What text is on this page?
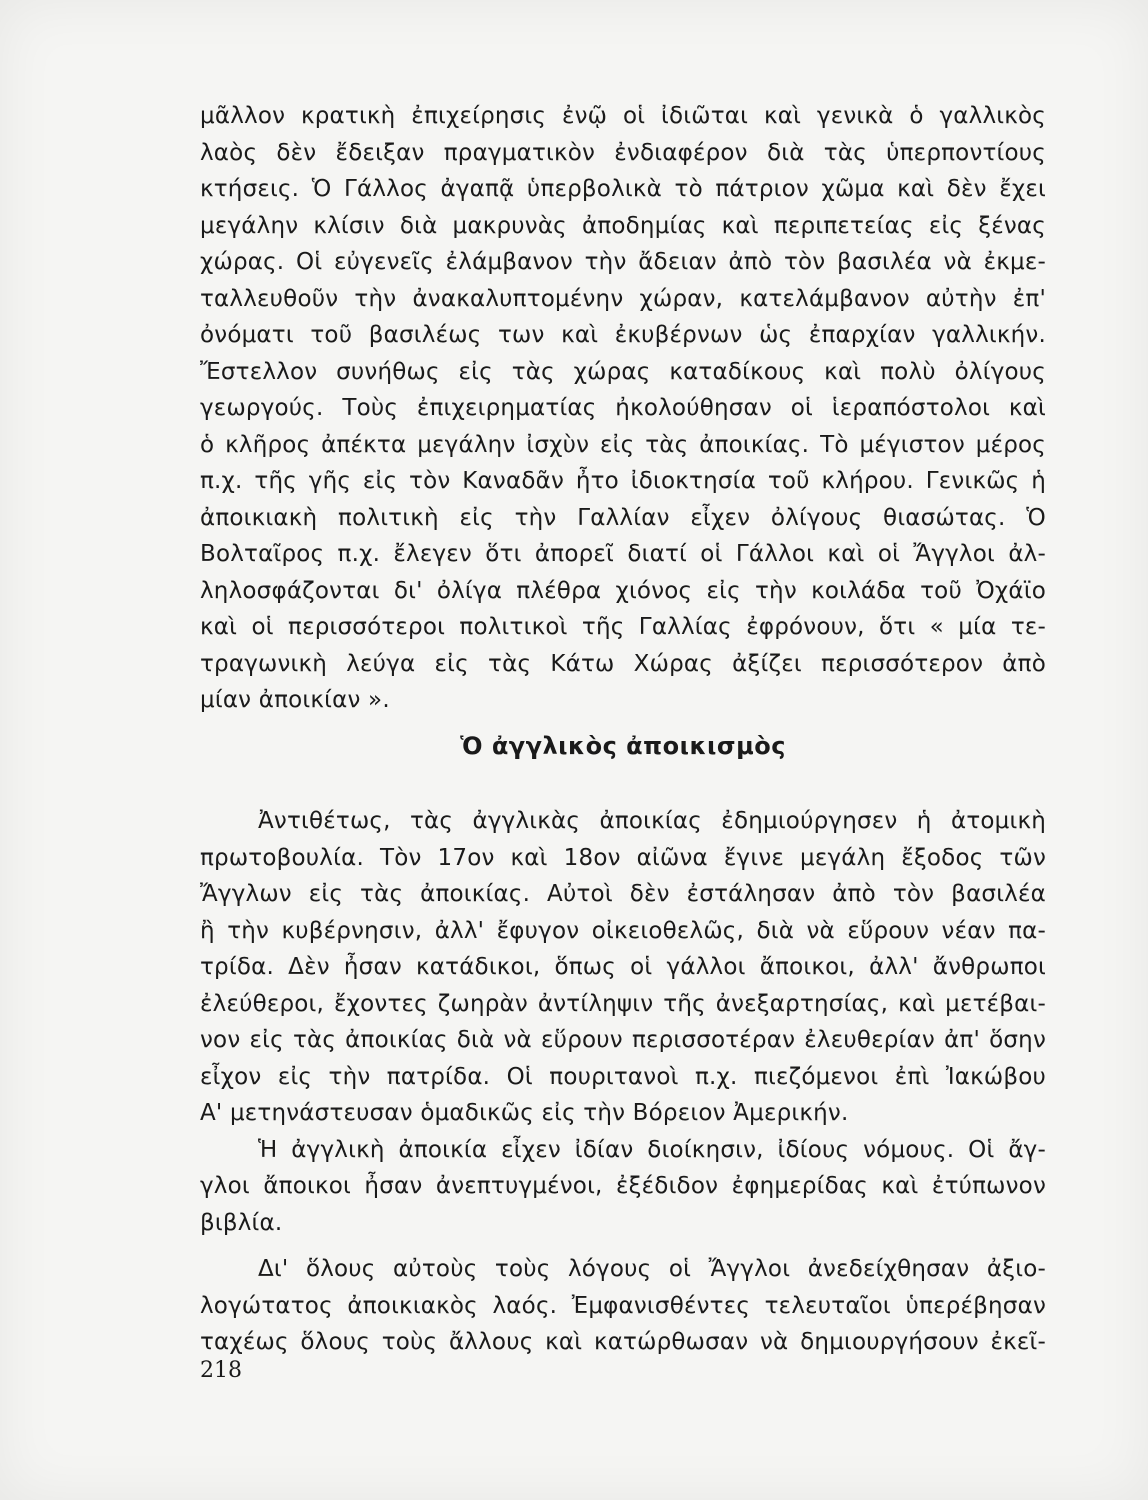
μᾶλλον κρατικὴ ἐπιχείρησις ἐνῷ οἱ ἰδιῶται καὶ γενικὰ ὁ γαλλικὸς
λαὸς δὲν ἔδειξαν πραγματικὸν ἐνδιαφέρον διὰ τὰς ὑπερποντίους
κτήσεις. Ὁ Γάλλος ἀγαπᾷ ὑπερβολικὰ τὸ πάτριον χῶμα καὶ δὲν ἔχει
μεγάλην κλίσιν διὰ μακρυνὰς ἀποδημίας καὶ περιπετείας εἰς ξένας
χώρας. Οἱ εὐγενεῖς ἐλάμβανον τὴν ἄδειαν ἀπὸ τὸν βασιλέα νὰ ἐκμε-
ταλλευθοῦν τὴν ἀνακαλυπτομένην χώραν, κατελάμβανον αὐτὴν ἐπ'
ὀνόματι τοῦ βασιλέως των καὶ ἐκυβέρνων ὡς ἐπαρχίαν γαλλικήν.
Ἔστελλον συνήθως εἰς τὰς χώρας καταδίκους καὶ πολὺ ὀλίγους
γεωργούς. Τοὺς ἐπιχειρηματίας ἠκολούθησαν οἱ ἱεραπόστολοι καὶ
ὁ κλῆρος ἀπέκτα μεγάλην ἰσχὺν εἰς τὰς ἀποικίας. Τὸ μέγιστον μέρος
π.χ. τῆς γῆς εἰς τὸν Καναδᾶν ἦτο ἰδιοκτησία τοῦ κλήρου. Γενικῶς ἡ
ἀποικιακὴ πολιτικὴ εἰς τὴν Γαλλίαν εἶχεν ὀλίγους θιασώτας. Ὁ
Βολταῖρος π.χ. ἔλεγεν ὅτι ἀπορεῖ διατί οἱ Γάλλοι καὶ οἱ Ἄγγλοι ἀλ-
ληλοσφάζονται δι' ὀλίγα πλέθρα χιόνος εἰς τὴν κοιλάδα τοῦ Ὀχάϊο
καὶ οἱ περισσότεροι πολιτικοὶ τῆς Γαλλίας ἐφρόνουν, ὅτι « μία τε-
τραγωνικὴ λεύγα εἰς τὰς Κάτω Χώρας ἀξίζει περισσότερον ἀπὸ
μίαν ἀποικίαν ».
Ὁ ἀγγλικὸς ἀποικισμὸς
Ἀντιθέτως, τὰς ἀγγλικὰς ἀποικίας ἐδημιούργησεν ἡ ἀτομικὴ
πρωτοβουλία. Τὸν 17ον καὶ 18ον αἰῶνα ἔγινε μεγάλη ἔξοδος τῶν
Ἄγγλων εἰς τὰς ἀποικίας. Αὐτοὶ δὲν ἐστάλησαν ἀπὸ τὸν βασιλέα
ἢ τὴν κυβέρνησιν, ἀλλ' ἔφυγον οἰκειοθελῶς, διὰ νὰ εὕρουν νέαν πα-
τρίδα. Δὲν ἦσαν κατάδικοι, ὅπως οἱ γάλλοι ἄποικοι, ἀλλ' ἄνθρωποι
ἐλεύθεροι, ἔχοντες ζωηρὰν ἀντίληψιν τῆς ἀνεξαρτησίας, καὶ μετέβαι-
νον εἰς τὰς ἀποικίας διὰ νὰ εὕρουν περισσοτέραν ἐλευθερίαν ἀπ' ὅσην
εἶχον εἰς τὴν πατρίδα. Οἱ πουριτανοὶ π.χ. πιεζόμενοι ἐπὶ Ἰακώβου
Α' μετηνάστευσαν ὁμαδικῶς εἰς τὴν Βόρειον Ἀμερικήν.
Ἡ ἀγγλικὴ ἀποικία εἶχεν ἰδίαν διοίκησιν, ἰδίους νόμους. Οἱ ἄγ-
γλοι ἄποικοι ἦσαν ἀνεπτυγμένοι, ἐξέδιδον ἐφημερίδας καὶ ἐτύπωνον
βιβλία.
Δι' ὅλους αὐτοὺς τοὺς λόγους οἱ Ἄγγλοι ἀνεδείχθησαν ἀξιο-
λογώτατος ἀποικιακὸς λαός. Ἐμφανισθέντες τελευταῖοι ὑπερέβησαν
ταχέως ὅλους τοὺς ἄλλους καὶ κατώρθωσαν νὰ δημιουργήσουν ἐκεῖ-
218
